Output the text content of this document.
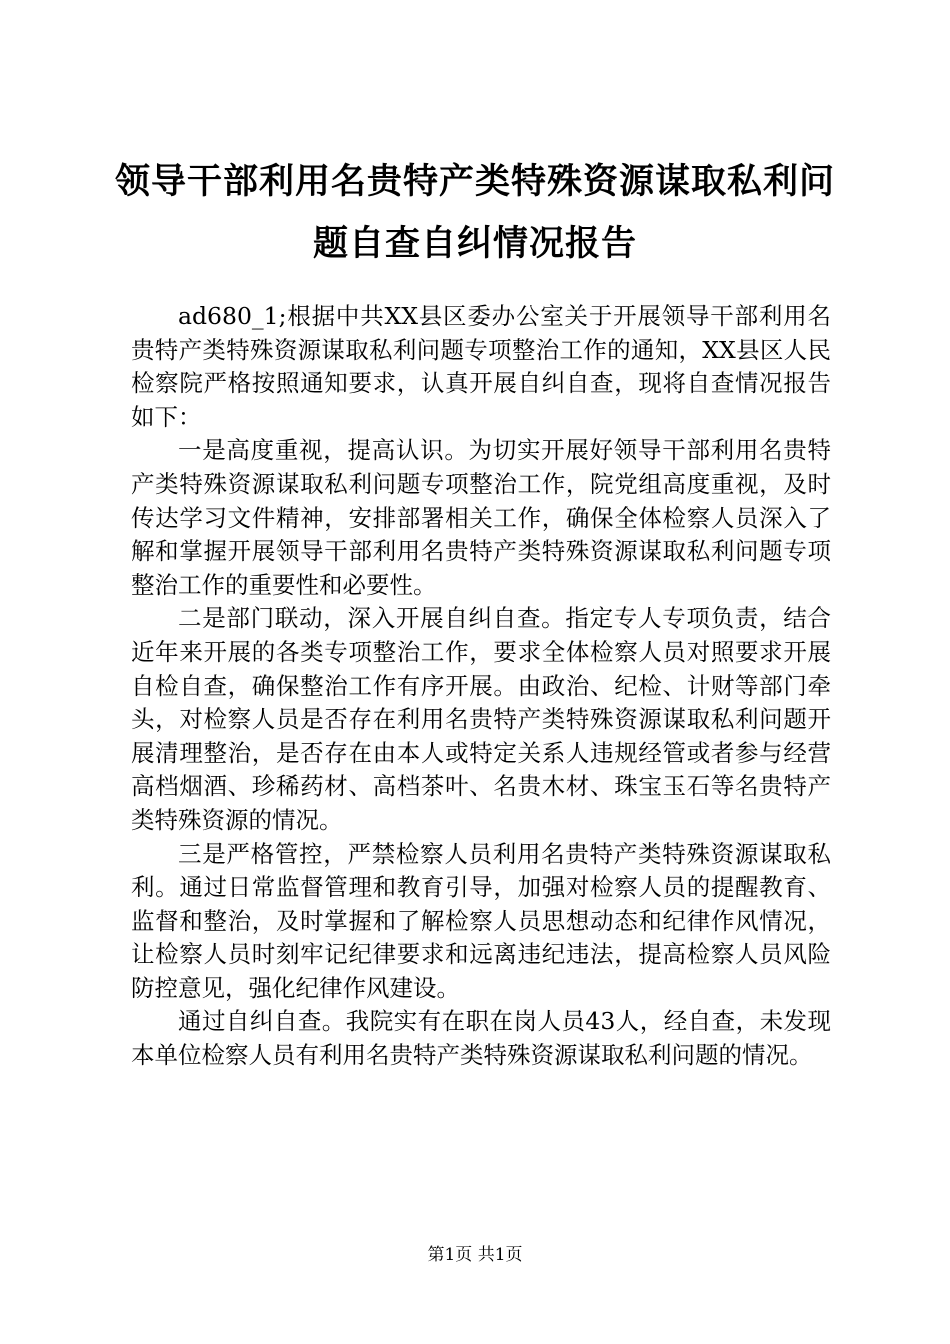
领导干部利用名贵特产类特殊资源谋取私利问
题自查自纠情况报告

ad680_1;根据中共XX县区委办公室关于开展领导干部利用名贵特产类特殊资源谋取私利问题专项整治工作的通知，XX县区人民检察院严格按照通知要求，认真开展自纠自查，现将自查情况报告如下：

一是高度重视，提高认识。为切实开展好领导干部利用名贵特产类特殊资源谋取私利问题专项整治工作，院党组高度重视，及时传达学习文件精神，安排部署相关工作，确保全体检察人员深入了解和掌握开展领导干部利用名贵特产类特殊资源谋取私利问题专项整治工作的重要性和必要性。

二是部门联动，深入开展自纠自查。指定专人专项负责，结合近年来开展的各类专项整治工作，要求全体检察人员对照要求开展自检自查，确保整治工作有序开展。由政治、纪检、计财等部门牵头，对检察人员是否存在利用名贵特产类特殊资源谋取私利问题开展清理整治，是否存在由本人或特定关系人违规经管或者参与经营高档烟酒、珍稀药材、高档茶叶、名贵木材、珠宝玉石等名贵特产类特殊资源的情况。

三是严格管控，严禁检察人员利用名贵特产类特殊资源谋取私利。通过日常监督管理和教育引导，加强对检察人员的提醒教育、监督和整治，及时掌握和了解检察人员思想动态和纪律作风情况，让检察人员时刻牢记纪律要求和远离违纪违法，提高检察人员风险防控意见，强化纪律作风建设。

通过自纠自查。我院实有在职在岗人员43人，经自查，未发现本单位检察人员有利用名贵特产类特殊资源谋取私利问题的情况。

第1页 共1页
